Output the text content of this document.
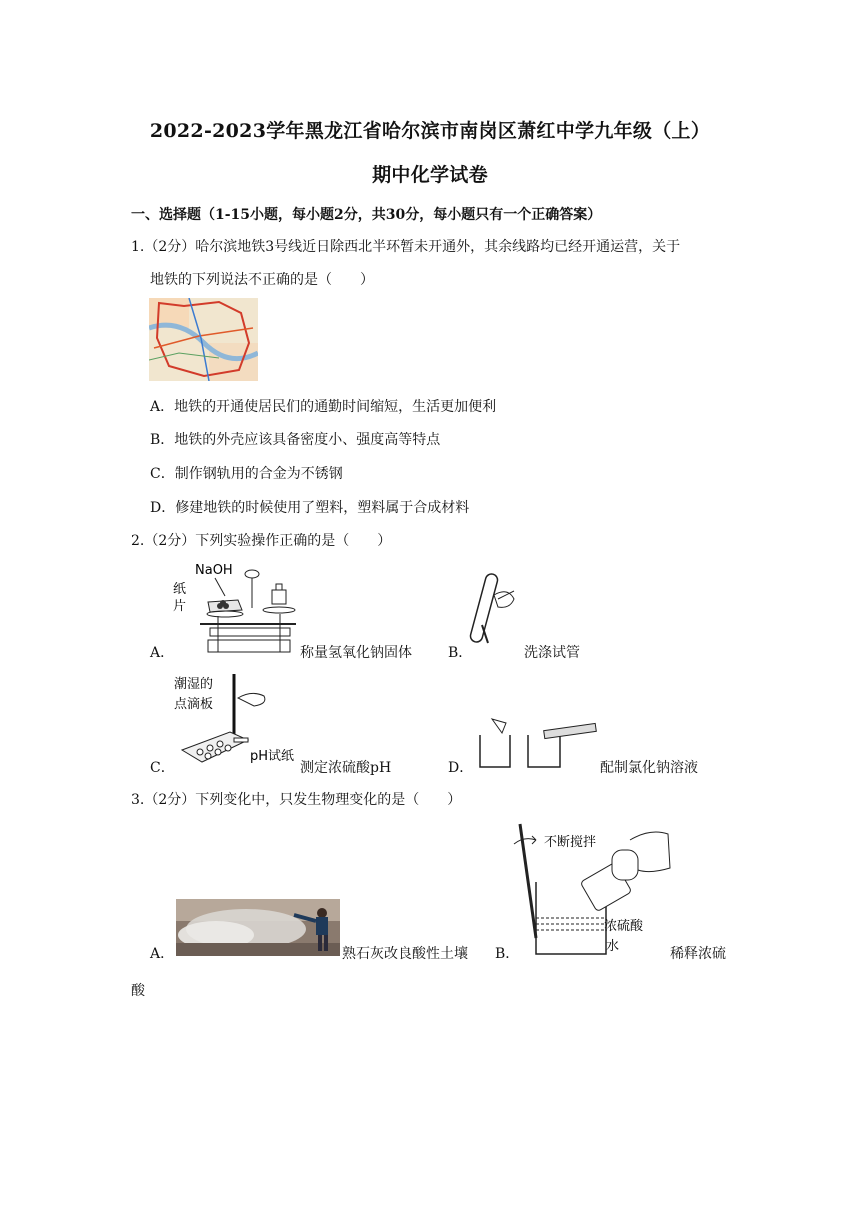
2022-2023学年黑龙江省哈尔滨市南岗区萧红中学九年级（上）
期中化学试卷
一、选择题（1-15小题，每小题2分，共30分，每小题只有一个正确答案）
1.（2分）哈尔滨地铁3号线近日除西北半环暂未开通外，其余线路均已经开通运营，关于
地铁的下列说法不正确的是（　　）
A．地铁的开通使居民们的通勤时间缩短，生活更加便利
B．地铁的外壳应该具备密度小、强度高等特点
C．制作钢轨用的合金为不锈钢
D．修建地铁的时候使用了塑料，塑料属于合成材料
2.（2分）下列实验操作正确的是（　　）
NaOH
纸
片
A．	称量氢氧化钠固体	B．	洗涤试管
潮湿的
点滴板
pH试纸
C．	测定浓硫酸pH	D．	配制氯化钠溶液
3.（2分）下列变化中，只发生物理变化的是（　　）
A．	熟石灰改良酸性土壤
不断搅拌
浓硫酸
水
B．	稀释浓硫
酸
